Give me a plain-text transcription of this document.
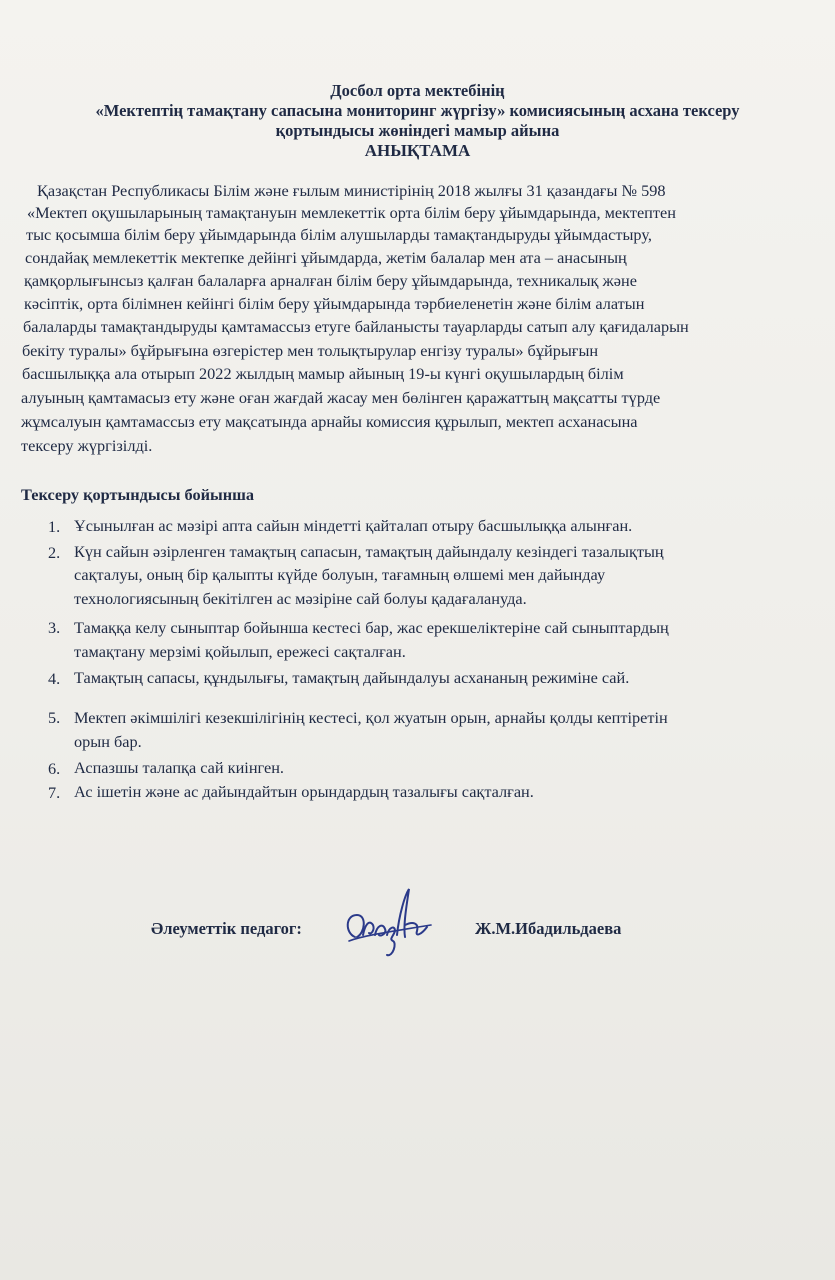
Досбол орта мектебінің
«Мектептің тамақтану сапасына мониторинг жүргізу» комисиясының асхана тексеру
қортындысы жөніндегі мамыр айына
АНЫҚТАМА
Қазақстан Республикасы Білім және ғылым министірінің 2018 жылғы 31 қазандағы № 598
«Мектеп оқушыларының тамақтануын мемлекеттік орта білім беру ұйымдарында, мектептен
тыс қосымша білім беру ұйымдарында білім алушыларды тамақтандыруды ұйымдастыру,
сондайақ мемлекеттік мектепке дейінгі ұйымдарда, жетім балалар мен ата – анасының
қамқорлығынсыз қалған балаларға арналған білім беру ұйымдарында, техникалық және
кәсіптік, орта білімнен кейінгі білім беру ұйымдарында тәрбиеленетін және білім алатын
балаларды тамақтандыруды қамтамассыз етуге байланысты тауарларды сатып алу қағидаларын
бекіту туралы» бұйрығына өзгерістер мен толықтырулар енгізу туралы» бұйрығын
басшылыққа ала отырып 2022 жылдың мамыр айының 19-ы күнгі оқушылардың білім
алуының қамтамасыз ету және оған жағдай жасау мен бөлінген қаражаттың мақсатты түрде
жұмсалуын қамтамассыз ету мақсатында арнайы комиссия құрылып, мектеп асханасына
тексеру жүргізілді.
Тексеру қортындысы бойынша
1. Ұсынылған ас мәзірі апта сайын міндетті қайталап отыру басшылыққа алынған.
2. Күн сайын әзірленген тамақтың сапасын, тамақтың дайындалу кезіндегі тазалықтың
сақталуы, оның бір қалыпты күйде болуын, тағамның өлшемі мен дайындау
технологиясының бекітілген ас мәзіріне сай болуы қадағалануда.
3. Тамаққа келу сыныптар бойынша кестесі бар, жас ерекшеліктеріне сай сыныптардың
тамақтану мерзімі қойылып, ережесі сақталған.
4. Тамақтың сапасы, құндылығы, тамақтың дайындалуы асхананың режиміне сай.
5. Мектеп әкімшілігі кезекшілігінің кестесі, қол жуатын орын, арнайы қолды кептіретін
орын бар.
6. Аспазшы талапқа сай киінген.
7. Ас ішетін және ас дайындайтын орындардың тазалығы сақталған.
Әлеуметтік педагог:	Ж.М.Ибадильдаева
